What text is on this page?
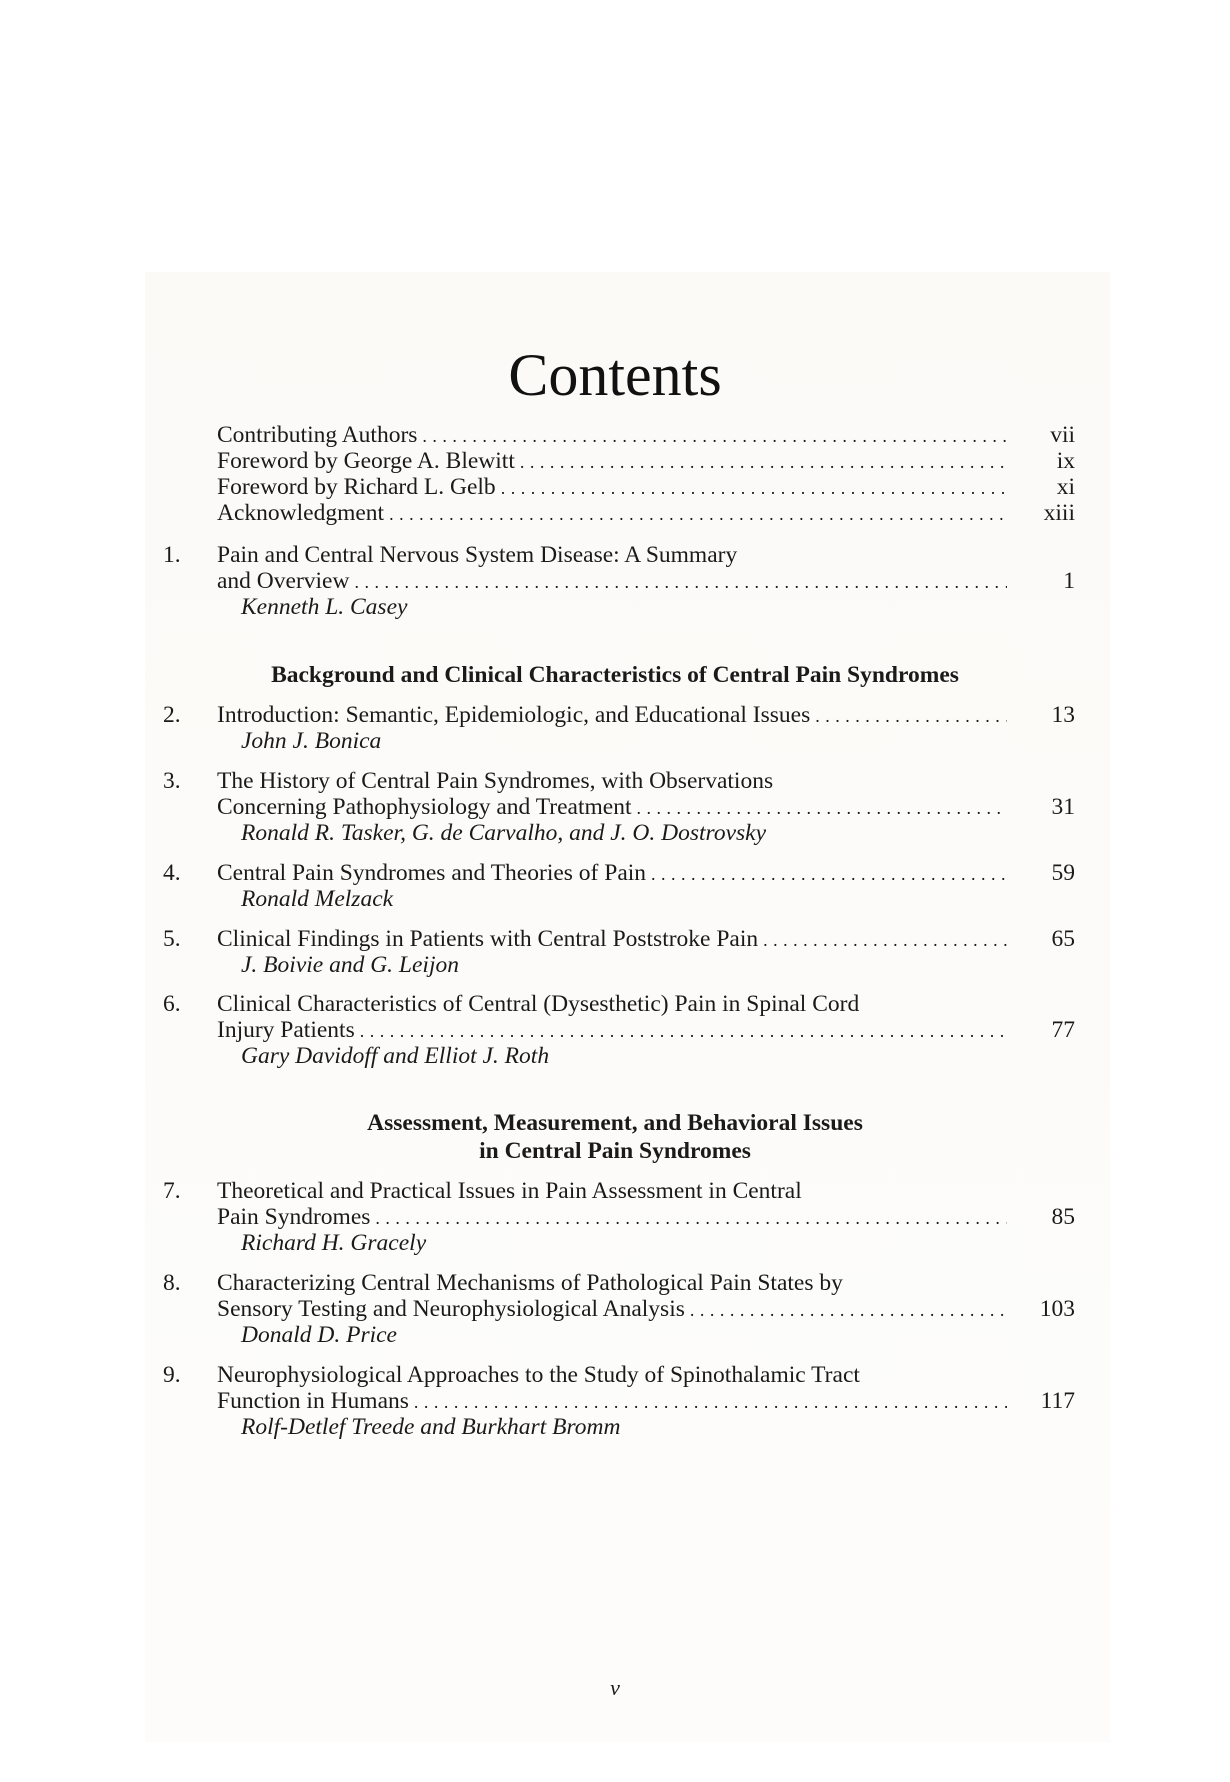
Contents
Contributing Authors . . .	vii
Foreword by George A. Blewitt . . .	ix
Foreword by Richard L. Gelb . . .	xi
Acknowledgment . . .	xiii
1. Pain and Central Nervous System Disease: A Summary
and Overview . . .	1
Kenneth L. Casey
Background and Clinical Characteristics of Central Pain Syndromes
2. Introduction: Semantic, Epidemiologic, and Educational Issues . . .	13
John J. Bonica
3. The History of Central Pain Syndromes, with Observations
Concerning Pathophysiology and Treatment . . .	31
Ronald R. Tasker, G. de Carvalho, and J. O. Dostrovsky
4. Central Pain Syndromes and Theories of Pain . . .	59
Ronald Melzack
5. Clinical Findings in Patients with Central Poststroke Pain . . .	65
J. Boivie and G. Leijon
6. Clinical Characteristics of Central (Dysesthetic) Pain in Spinal Cord
Injury Patients . . .	77
Gary Davidoff and Elliot J. Roth
Assessment, Measurement, and Behavioral Issues
in Central Pain Syndromes
7. Theoretical and Practical Issues in Pain Assessment in Central
Pain Syndromes . . .	85
Richard H. Gracely
8. Characterizing Central Mechanisms of Pathological Pain States by
Sensory Testing and Neurophysiological Analysis . . .	103
Donald D. Price
9. Neurophysiological Approaches to the Study of Spinothalamic Tract
Function in Humans . . .	117
Rolf-Detlef Treede and Burkhart Bromm
v
